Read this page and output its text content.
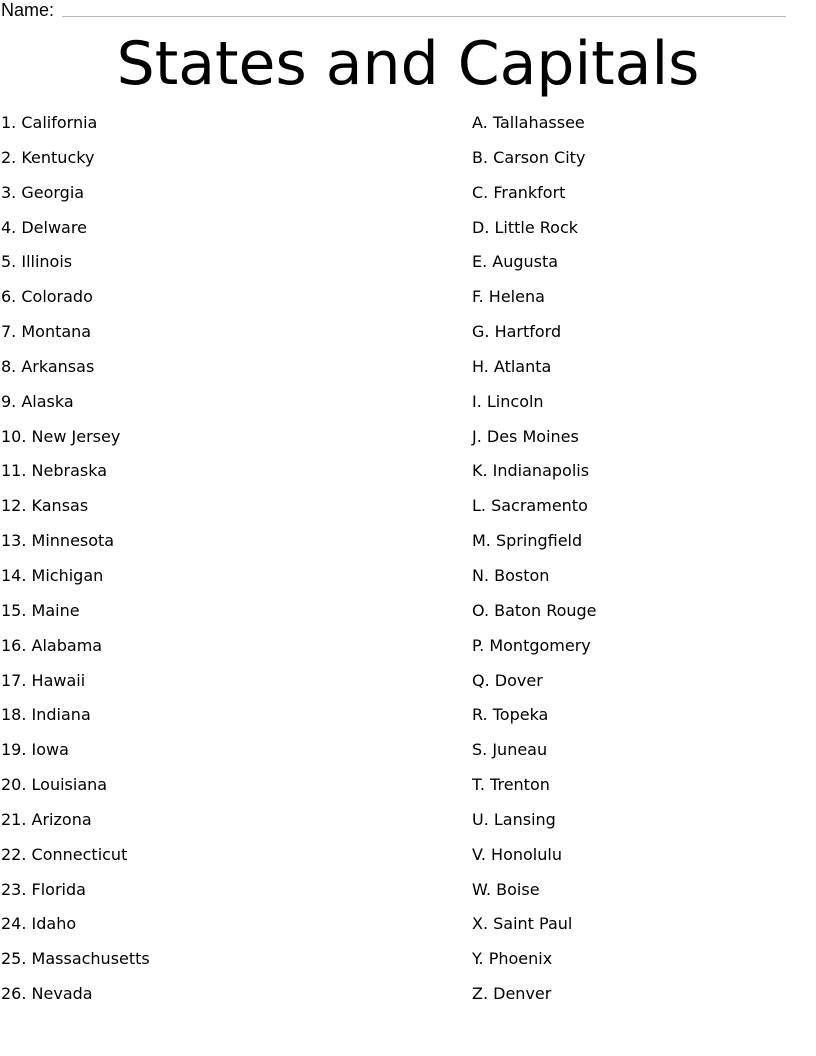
Name:
States and Capitals
1. California
2. Kentucky
3. Georgia
4. Delware
5. Illinois
6. Colorado
7. Montana
8. Arkansas
9. Alaska
10. New Jersey
11. Nebraska
12. Kansas
13. Minnesota
14. Michigan
15. Maine
16. Alabama
17. Hawaii
18. Indiana
19. Iowa
20. Louisiana
21. Arizona
22. Connecticut
23. Florida
24. Idaho
25. Massachusetts
26. Nevada
A. Tallahassee
B. Carson City
C. Frankfort
D. Little Rock
E. Augusta
F. Helena
G. Hartford
H. Atlanta
I. Lincoln
J. Des Moines
K. Indianapolis
L. Sacramento
M. Springfield
N. Boston
O. Baton Rouge
P. Montgomery
Q. Dover
R. Topeka
S. Juneau
T. Trenton
U. Lansing
V. Honolulu
W. Boise
X. Saint Paul
Y. Phoenix
Z. Denver
